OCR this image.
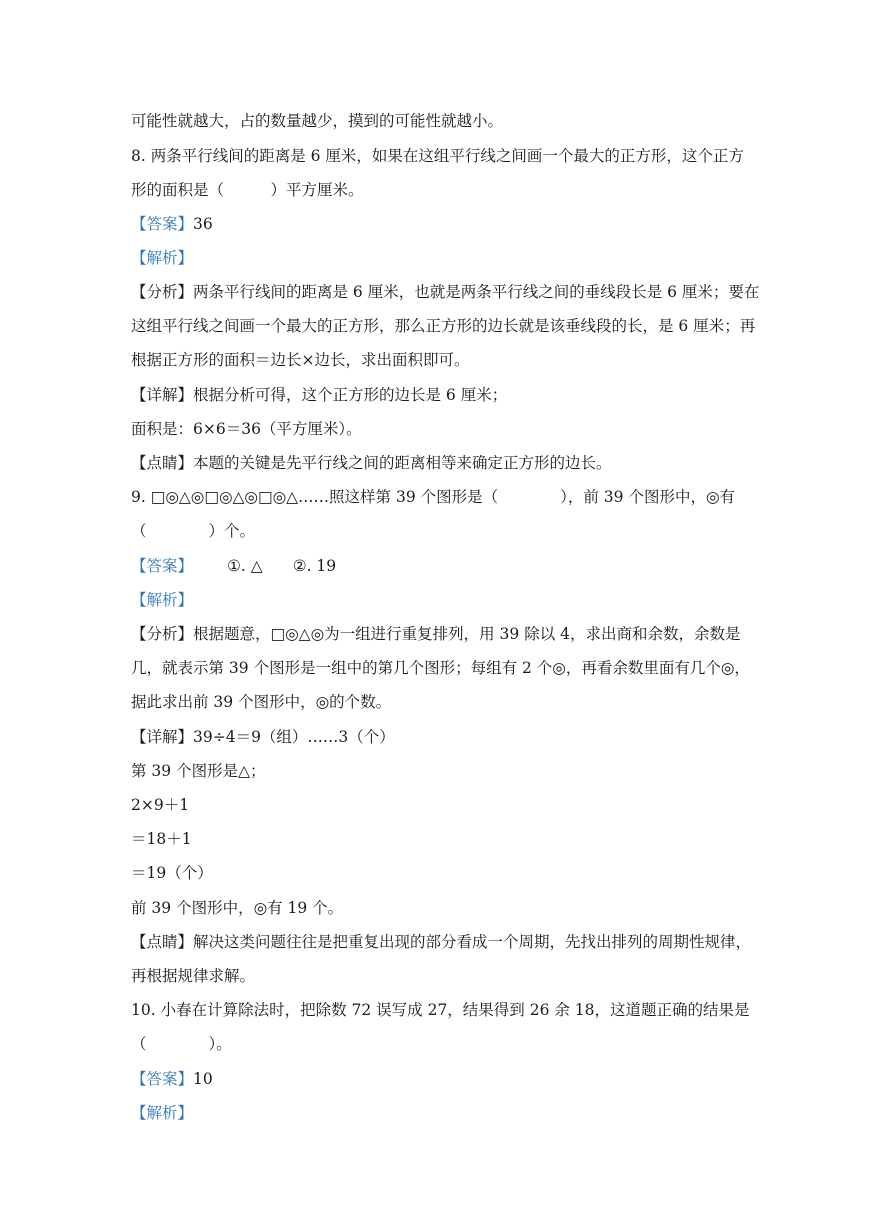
可能性就越大，占的数量越少，摸到的可能性就越小。
8. 两条平行线间的距离是 6 厘米，如果在这组平行线之间画一个最大的正方形，这个正方
形的面积是（　　　）平方厘米。
【答案】36
【解析】
【分析】两条平行线间的距离是 6 厘米，也就是两条平行线之间的垂线段长是 6 厘米；要在
这组平行线之间画一个最大的正方形，那么正方形的边长就是该垂线段的长，是 6 厘米；再
根据正方形的面积＝边长×边长，求出面积即可。
【详解】根据分析可得，这个正方形的边长是 6 厘米；
面积是：6×6＝36（平方厘米）。
【点睛】本题的关键是先平行线之间的距离相等来确定正方形的边长。
9. □◎△◎□◎△◎□◎△……照这样第 39 个图形是（　　　　），前 39 个图形中，◎有
（　　　　）个。
【答案】 ①. △ ②. 19
【解析】
【分析】根据题意，□◎△◎为一组进行重复排列，用 39 除以 4，求出商和余数，余数是
几，就表示第 39 个图形是一组中的第几个图形；每组有 2 个◎，再看余数里面有几个◎，
据此求出前 39 个图形中，◎的个数。
【详解】39÷4＝9（组）……3（个）
第 39 个图形是△；
2×9＋1
＝18＋1
＝19（个）
前 39 个图形中，◎有 19 个。
【点睛】解决这类问题往往是把重复出现的部分看成一个周期，先找出排列的周期性规律，
再根据规律求解。
10. 小春在计算除法时，把除数 72 误写成 27，结果得到 26 余 18，这道题正确的结果是
（　　　　）。
【答案】10
【解析】
